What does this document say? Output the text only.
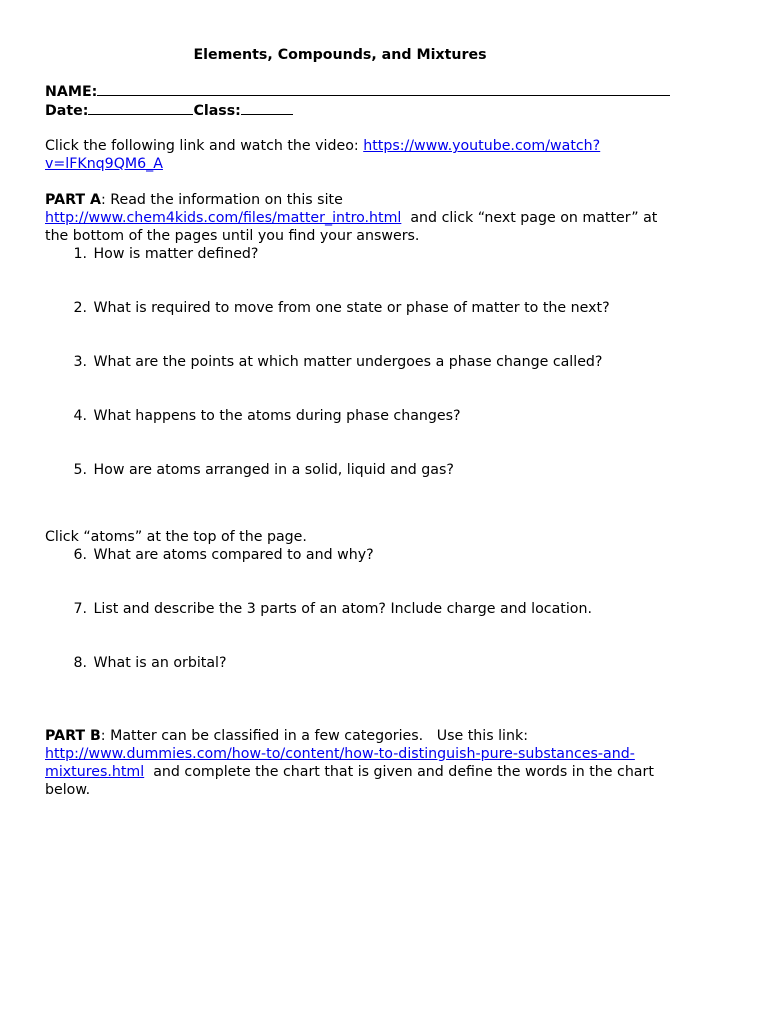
Elements, Compounds, and Mixtures
NAME:
Date:	Class:
Click the following link and watch the video: https://www.youtube.com/watch?
v=lFKnq9QM6_A
PART A: Read the information on this site
http://www.chem4kids.com/files/matter_intro.html  and click “next page on matter” at
the bottom of the pages until you find your answers.
1. How is matter defined?
2. What is required to move from one state or phase of matter to the next?
3. What are the points at which matter undergoes a phase change called?
4. What happens to the atoms during phase changes?
5. How are atoms arranged in a solid, liquid and gas?
Click “atoms” at the top of the page.
6. What are atoms compared to and why?
7. List and describe the 3 parts of an atom? Include charge and location.
8. What is an orbital?
PART B: Matter can be classified in a few categories.   Use this link:
http://www.dummies.com/how-to/content/how-to-distinguish-pure-substances-and-
mixtures.html  and complete the chart that is given and define the words in the chart
below.
